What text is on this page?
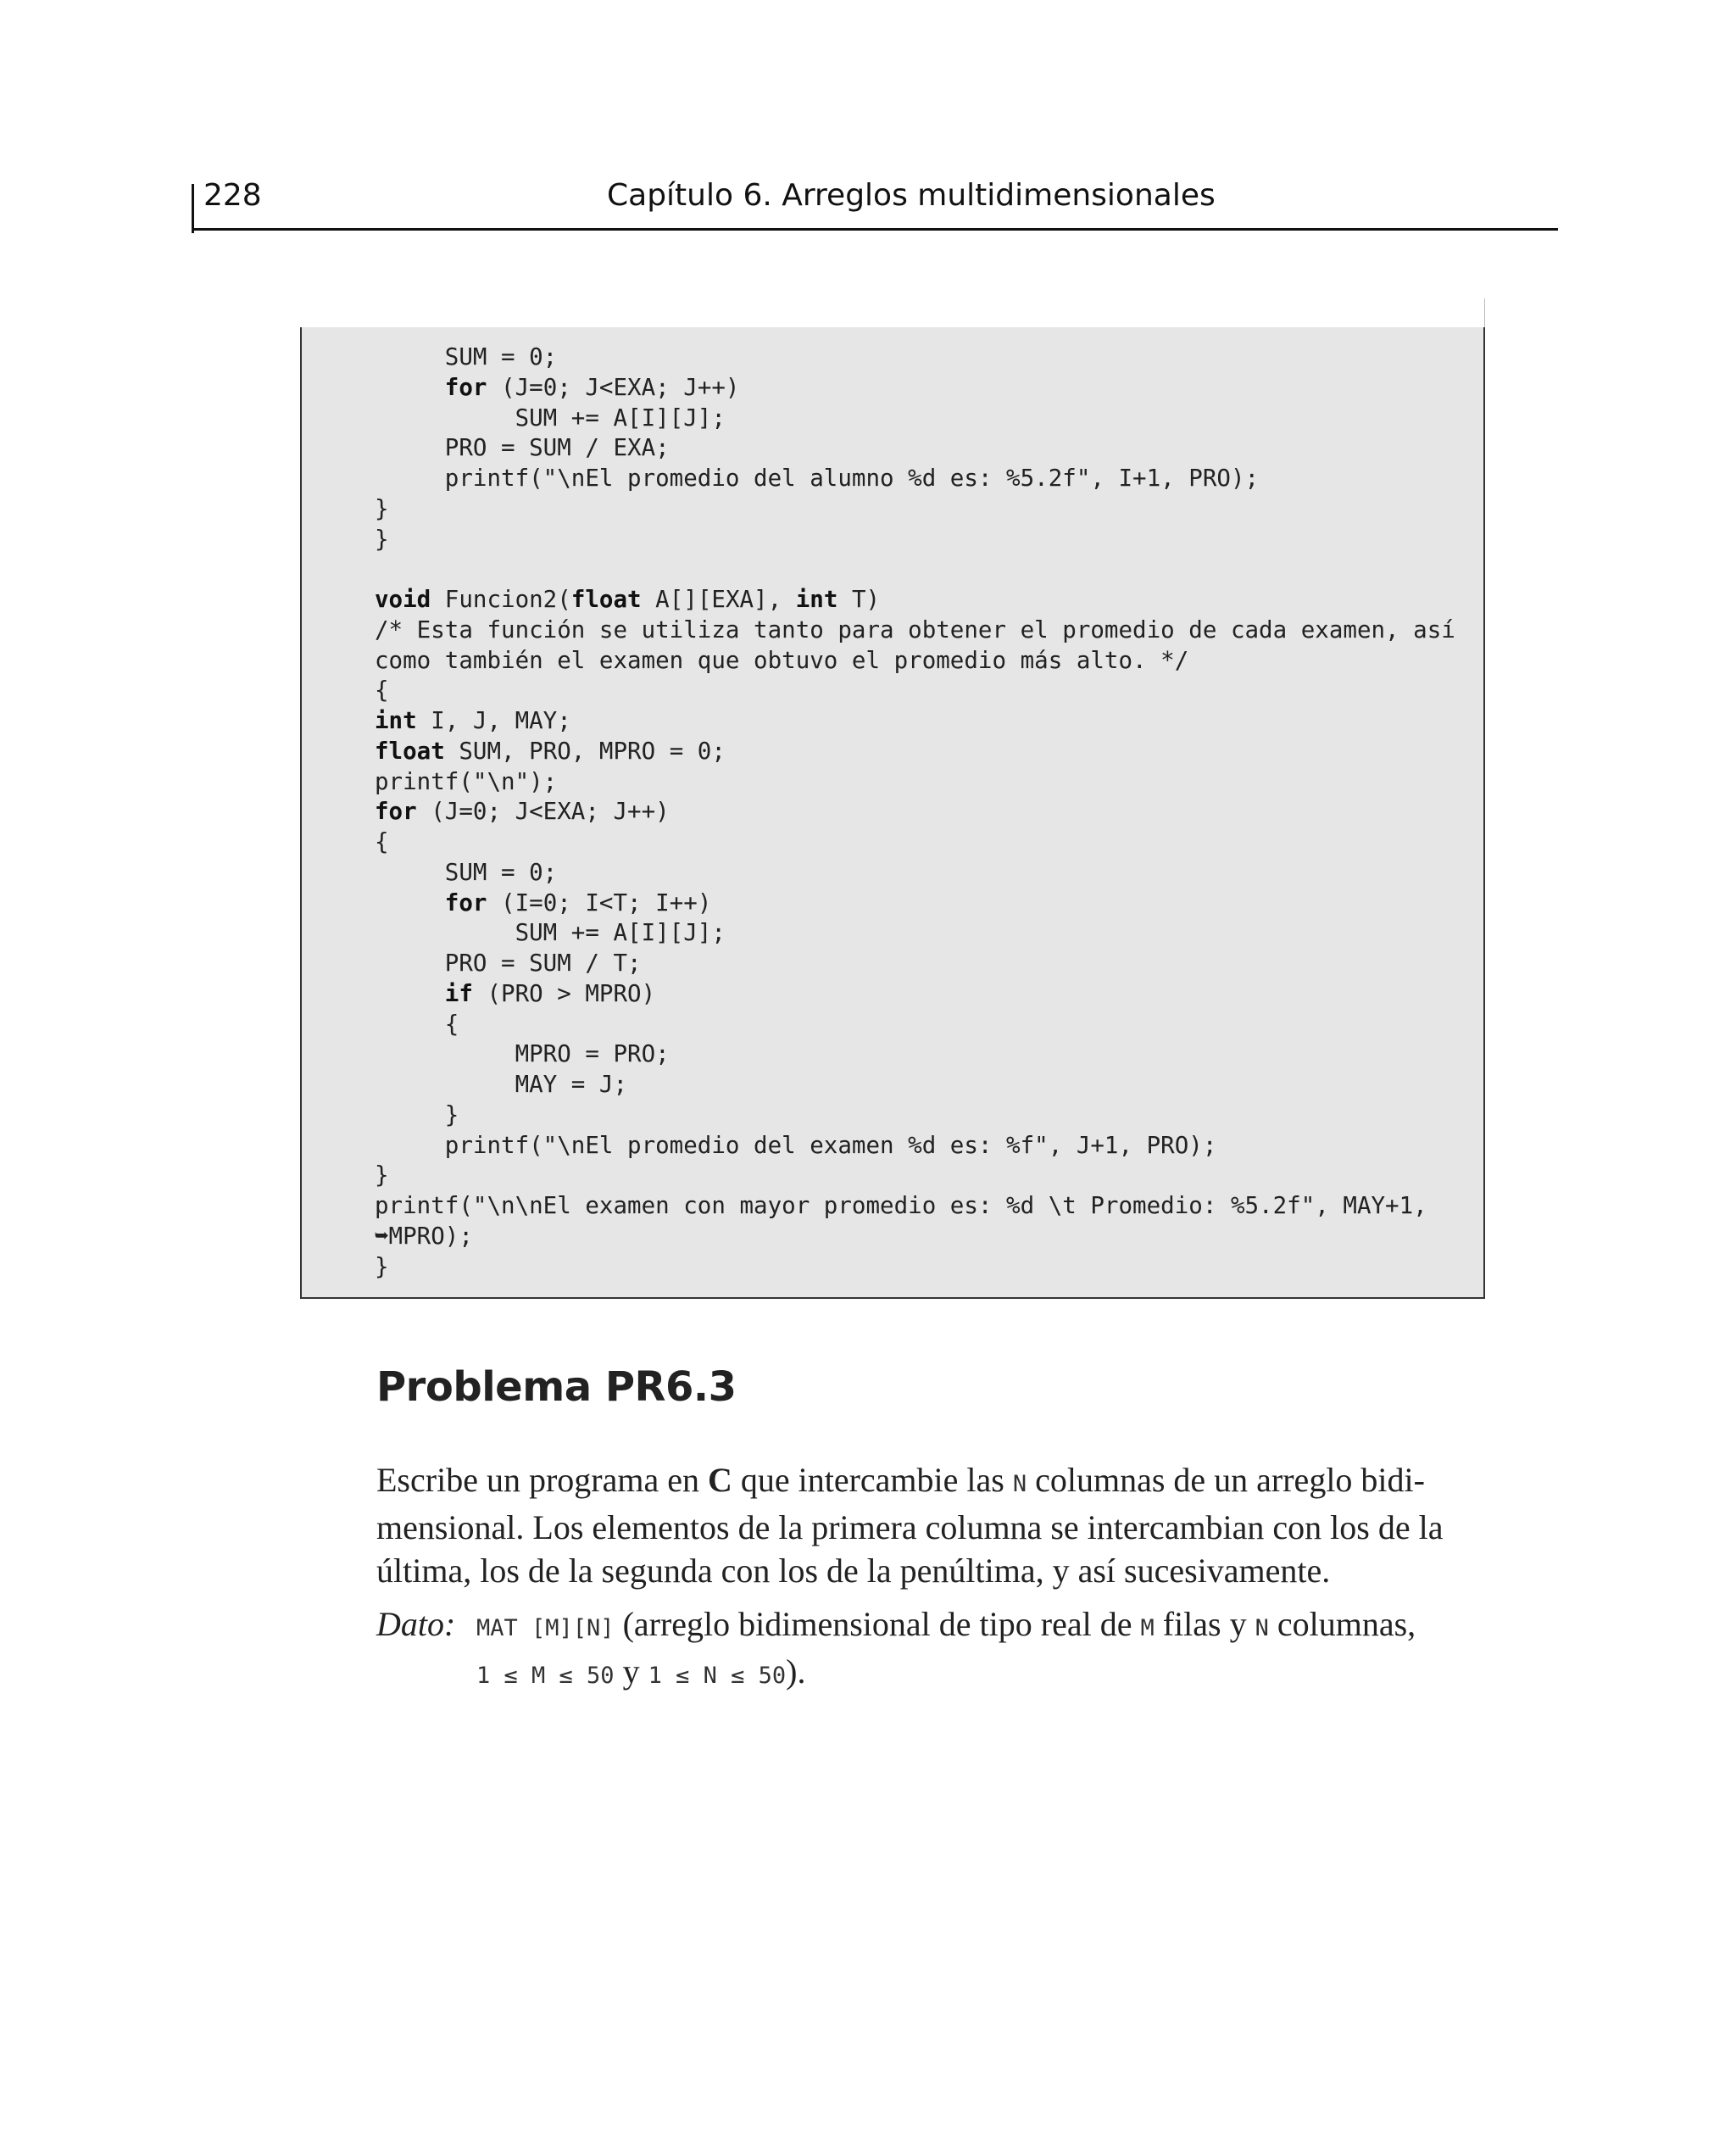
228	Capítulo 6. Arreglos multidimensionales
SUM = 0;
for (J=0; J<EXA; J++)
SUM += A[I][J];
PRO = SUM / EXA;
printf("\nEl promedio del alumno %d es: %5.2f", I+1, PRO);
}
}

void Funcion2(float A[][EXA], int T)
/* Esta función se utiliza tanto para obtener el promedio de cada examen, así
como también el examen que obtuvo el promedio más alto. */
{
int I, J, MAY;
float SUM, PRO, MPRO = 0;
printf("\n");
for (J=0; J<EXA; J++)
{
SUM = 0;
for (I=0; I<T; I++)
SUM += A[I][J];
PRO = SUM / T;
if (PRO > MPRO)
{
MPRO = PRO;
MAY = J;
}
printf("\nEl promedio del examen %d es: %f", J+1, PRO);
}
printf("\n\nEl examen con mayor promedio es: %d \t Promedio: %5.2f", MAY+1,
➥MPRO);
}
Problema PR6.3
Escribe un programa en C que intercambie las N columnas de un arreglo bidi-
mensional. Los elementos de la primera columna se intercambian con los de la
última, los de la segunda con los de la penúltima, y así sucesivamente.
Dato: MAT [M][N] (arreglo bidimensional de tipo real de M filas y N columnas,
1 ≤ M ≤ 50 y 1 ≤ N ≤ 50).
